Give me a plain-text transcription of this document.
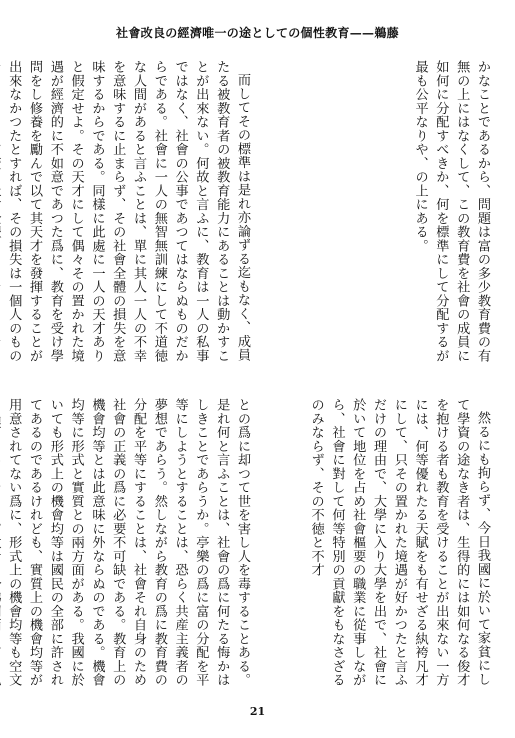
社會改良の經濟唯一の途としての個性教育——鵜藤

かなことであるから、問題は富の多少教育費の有無の上にはなくして、この教育費を社會の成員に如何に分配すべきか、何を標準にして分配するが最も公平なりや、の上にある。

而してその標準は是れ亦論ずる迄もなく、成員たる被教育者の被教育能力にあることは動かすことが出來ない。何故と言ふに、教育は一人の私事ではなく、社會の公事であつてはならぬものだからである。社會に一人の無智無訓練にして不道徳な人間があると言ふことは、單に其人一人の不幸を意味するに止まらず、その社會全體の損失を意味するからである。同樣に此處に一人の天才ありと假定せよ。その天才にして偶々その置かれた境遇が經濟的に不如意であつた爲に、教育を受け學問をし修養を勵んで以て其天才を發揮することが出來なかつたとすれば、その損失は一個人のもの

然るにも拘らず、今日我國に於いて家貧にして學資の途なき者は、生得的には如何なる俊才を抱ける者も教育を受けることが出來ない一方には、何等優れたる天賦をも有せざる紈袴凡才にして、只その置かれた境遇が好かつたと言ふだけの理由で、大學に入り大學を出で、社會に於いて地位を占め社會樞要の職業に從事しながら、社會に對して何等特別の貢獻をもなさざるのみならず、その不徳と不才

との爲に却つて世を害し人を毒することある。是れ何と言ふことは、社會の爲に何たる悔かはしきことであらうか。亭樂の爲に富の分配を平等にしようとすることは、恐らく共産主義者の夢想であらう。然しながら教育の爲に教育費の分配を平等にすることは、社會それ自身のため社會の正義の爲に必要不可缺である。教育上の機會均等とは此意味に外ならぬのである。機會均等に形式と實質との兩方面がある。我國に於いても形式上の機會均等は國民の全部に許されてあるのであるけれども、實質上の機會均等が用意されてない爲に、形式上の機會均等も空文

21
